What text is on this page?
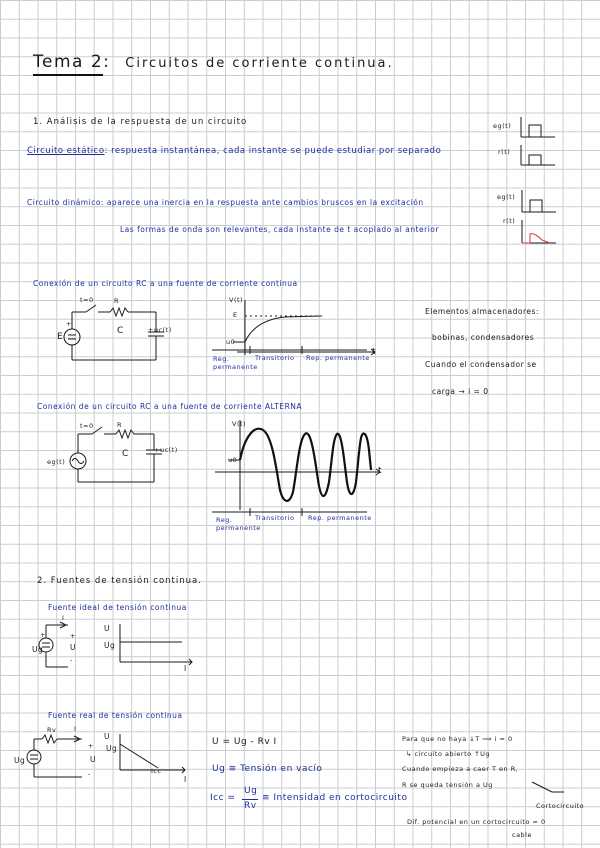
Tema 2: Circuitos de corriente continua.
1. Análisis de la respuesta de un circuito
Circuito estático: respuesta instantánea, cada instante se puede estudiar por separado
Circuito dinámico: aparece una inercia en la respuesta ante cambios bruscos en la excitación
Las formas de onda son relevantes, cada instante de t acoplado al anterior
eg(t)
r(t)
eg(t)
r(t)
Conexión de un circuito RC a una fuente de corriente continua
t=0	R
C	+uc(t)
E
+
V(t)
E
u0
t
Reg. permanente
Transitorio Rep. permanente
Elementos almacenadores:
bobinas, condensadores
Cuando el condensador se
carga → i = 0
Conexión de un circuito RC a una fuente de corriente ALTERNA
t=0	R
C	+uc(t)
eg(t)
V(t)
u0
t
Reg. permanente
Transitorio Rep. permanente
2. Fuentes de tensión continua.
Fuente ideal de tensión continua
I
+	+
U
-
Ug
U
Ug
I
Fuente real de tensión continua
Rv	I
U
+
-
Ug
U
Ug
Icc
I
U = Ug - Rv I
Ug ≡ Tensión en vacío
Icc =
Ug
Rv
≡ Intensidad en cortocircuito
Para que no haya ↓T ⟹ i = 0
↳ circuito abierto ↑Ug
Cuando empieza a caer T en R,
R se queda tensión a Ug
Cortocircuito
Dif. potencial en un cortocircuito = 0
cable
